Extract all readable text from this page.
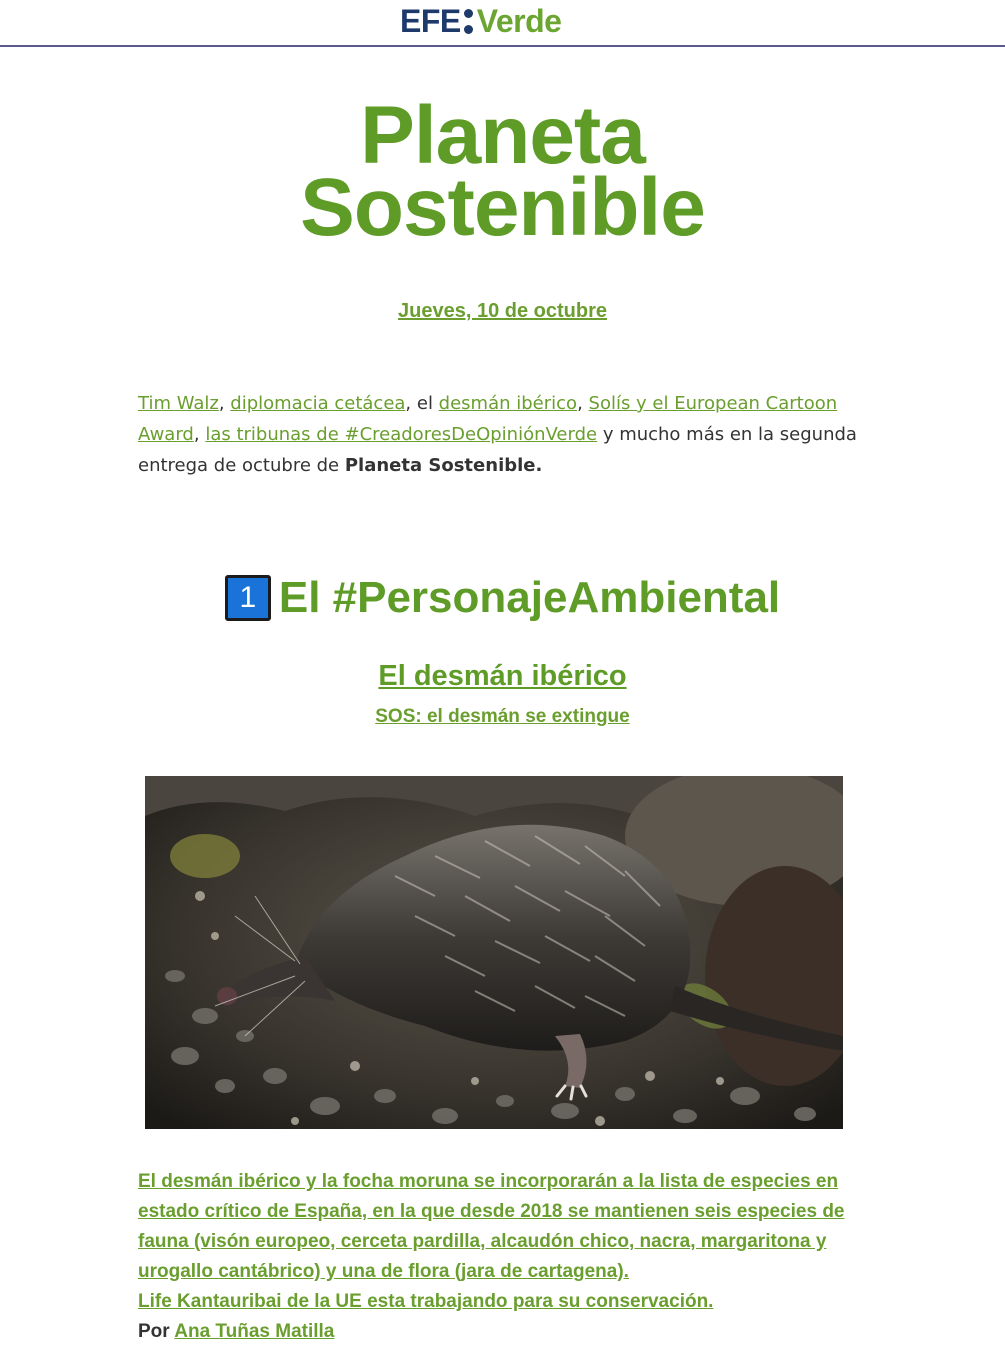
EFE Verde
Planeta
Sostenible
Jueves, 10 de octubre
Tim Walz, diplomacia cetácea, el desmán ibérico, Solís y el European Cartoon Award, las tribunas de #CreadoresDeOpiniónVerde y mucho más en la segunda entrega de octubre de Planeta Sostenible.
1 El #PersonajeAmbiental
El desmán ibérico
SOS: el desmán se extingue
El desmán ibérico y la focha moruna se incorporarán a la lista de especies en estado crítico de España, en la que desde 2018 se mantienen seis especies de fauna (visón europeo, cerceta pardilla, alcaudón chico, nacra, margaritona y urogallo cantábrico) y una de flora (jara de cartagena).
Life Kantauribai de la UE esta trabajando para su conservación.
Por Ana Tuñas Matilla
